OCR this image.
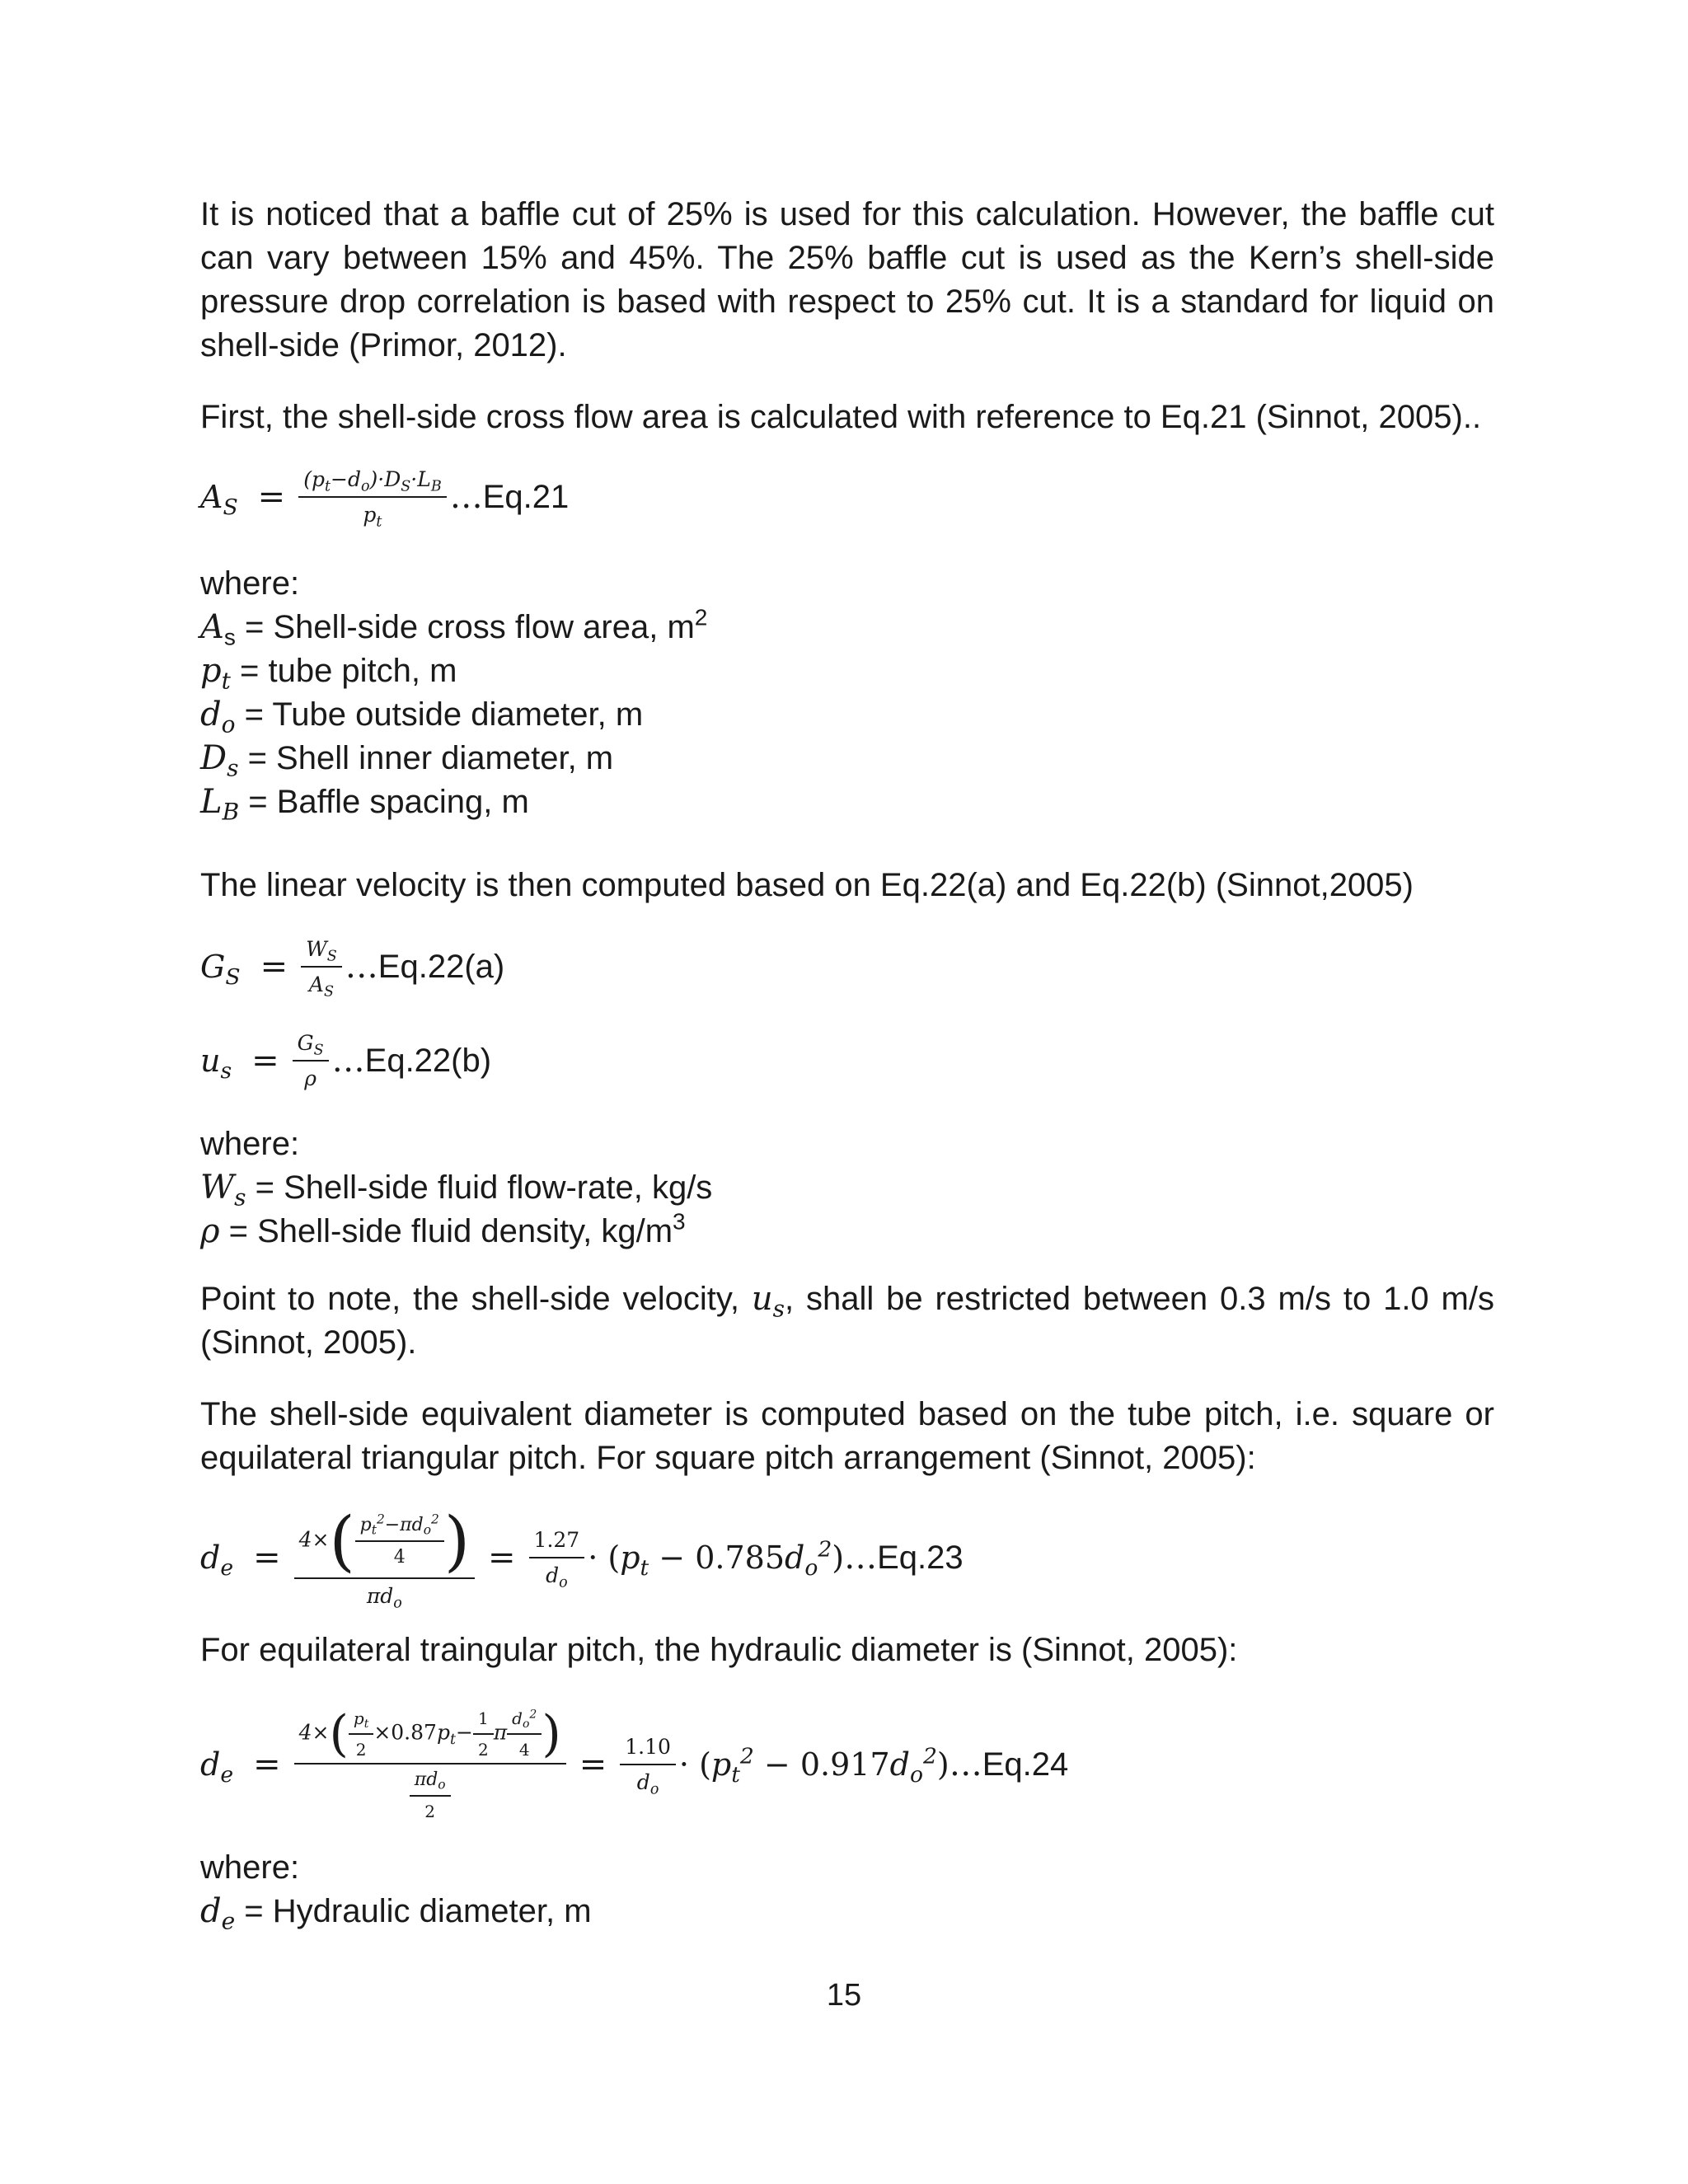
It is noticed that a baffle cut of 25% is used for this calculation. However, the baffle cut can vary between 15% and 45%. The 25% baffle cut is used as the Kern’s shell-side pressure drop correlation is based with respect to 25% cut. It is a standard for liquid on shell-side (Primor, 2012).

First, the shell-side cross flow area is calculated with reference to Eq.21 (Sinnot, 2005)..

$A_S = \frac{(p_t-d_o)\cdot D_S\cdot L_B}{p_t}$ … Eq.21
where:
$A_s$ = Shell-side cross flow area, $m^2$
$p_t$ = tube pitch, m
$d_o$ = Tube outside diameter, m
$D_s$ = Shell inner diameter, m
$L_B$ = Baffle spacing, m

The linear velocity is then computed based on Eq.22(a) and Eq.22(b) (Sinnot,2005)

$G_S = \frac{W_S}{A_S}$ … Eq.22(a)
$u_s = \frac{G_S}{\rho}$ … Eq.22(b)
where:
$W_s$ = Shell-side fluid flow-rate, kg/s
ρ = Shell-side fluid density, $kg/m^3$

Point to note, the shell-side velocity, $u_s$, shall be restricted between 0.3 m/s to 1.0 m/s (Sinnot, 2005).

The shell-side equivalent diameter is computed based on the tube pitch, i.e. square or equilateral triangular pitch. For square pitch arrangement (Sinnot, 2005):

$d_e = \frac{4\times( \frac{p_t^2-\pi d_o^2}{4} )}{\pi d_o} = \frac{1.27}{d_o} \cdot (p_t - 0.785d_o^2)$ … Eq.23

For equilateral traingular pitch, the hydraulic diameter is (Sinnot, 2005):

$d_e = \frac{4\times( \frac{p_t}{2} \times 0.87p_t- \frac{1}{2} \pi \frac{d_o^2}{4} )}{\frac{\pi d_o}{2}} = \frac{1.10}{d_o} \cdot (p_t^2 - 0.917d_o^2)$ … Eq.24
where:
$d_e$ = Hydraulic diameter, m
15
